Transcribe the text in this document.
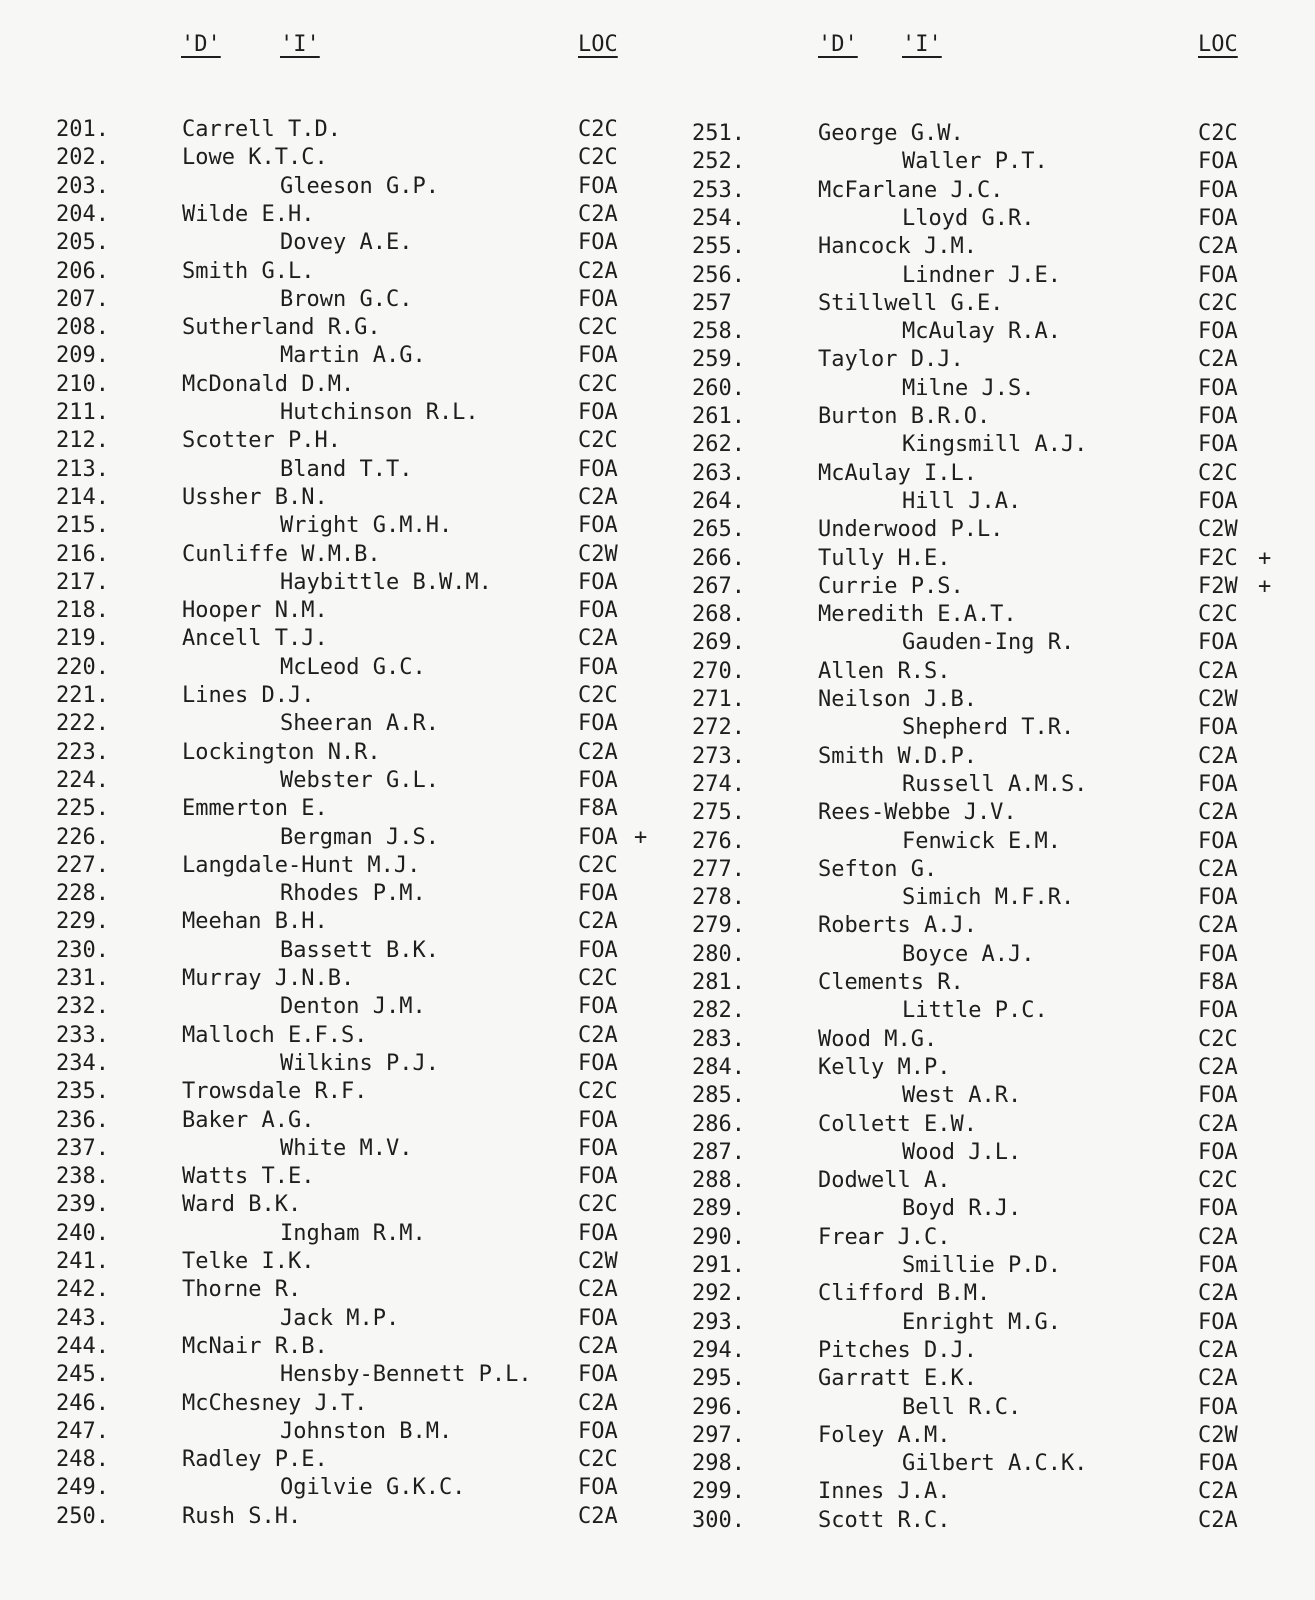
'D'	'I'	LOC	'D' 'I'	LOC
201.	Carrell T.D.	C2C
202.	Lowe K.T.C.	C2C
203.	Gleeson G.P.	FOA
204.	Wilde E.H.	C2A
205.	Dovey A.E.	FOA
206.	Smith G.L.	C2A
207.	Brown G.C.	FOA
208.	Sutherland R.G.	C2C
209.	Martin A.G.	FOA
210.	McDonald D.M.	C2C
211.	Hutchinson R.L.	FOA
212.	Scotter P.H.	C2C
213.	Bland T.T.	FOA
214.	Ussher B.N.	C2A
215.	Wright G.M.H.	FOA
216.	Cunliffe W.M.B.	C2W
217.	Haybittle B.W.M.	FOA
218.	Hooper N.M.	FOA
219.	Ancell T.J.	C2A
220.	McLeod G.C.	FOA
221.	Lines D.J.	C2C
222.	Sheeran A.R.	FOA
223.	Lockington N.R.	C2A
224.	Webster G.L.	FOA
225.	Emmerton E.	F8A
226.	Bergman J.S.	FOA +
227.	Langdale-Hunt M.J.	C2C
228.	Rhodes P.M.	FOA
229.	Meehan B.H.	C2A
230.	Bassett B.K.	FOA
231.	Murray J.N.B.	C2C
232.	Denton J.M.	FOA
233.	Malloch E.F.S.	C2A
234.	Wilkins P.J.	FOA
235.	Trowsdale R.F.	C2C
236.	Baker A.G.	FOA
237.	White M.V.	FOA
238.	Watts T.E.	FOA
239.	Ward B.K.	C2C
240.	Ingham R.M.	FOA
241.	Telke I.K.	C2W
242.	Thorne R.	C2A
243.	Jack M.P.	FOA
244.	McNair R.B.	C2A
245.	Hensby-Bennett P.L. FOA
246.	McChesney J.T.	C2A
247.	Johnston B.M.	FOA
248.	Radley P.E.	C2C
249.	Ogilvie G.K.C.	FOA
250.	Rush S.H.	C2A
251.	George G.W.	C2C
252.	Waller P.T.	FOA
253.	McFarlane J.C.	FOA
254.	Lloyd G.R.	FOA
255.	Hancock J.M.	C2A
256.	Lindner J.E.	FOA
257	Stillwell G.E.	C2C
258.	McAulay R.A.	FOA
259.	Taylor D.J.	C2A
260.	Milne J.S.	FOA
261.	Burton B.R.O.	FOA
262.	Kingsmill A.J.	FOA
263.	McAulay I.L.	C2C
264.	Hill J.A.	FOA
265.	Underwood P.L.	C2W
266.	Tully H.E.	F2C +
267.	Currie P.S.	F2W +
268.	Meredith E.A.T.	C2C
269.	Gauden-Ing R.	FOA
270.	Allen R.S.	C2A
271.	Neilson J.B.	C2W
272.	Shepherd T.R.	FOA
273.	Smith W.D.P.	C2A
274.	Russell A.M.S.	FOA
275.	Rees-Webbe J.V.	C2A
276.	Fenwick E.M.	FOA
277.	Sefton G.	C2A
278.	Simich M.F.R.	FOA
279.	Roberts A.J.	C2A
280.	Boyce A.J.	FOA
281.	Clements R.	F8A
282.	Little P.C.	FOA
283.	Wood M.G.	C2C
284.	Kelly M.P.	C2A
285.	West A.R.	FOA
286.	Collett E.W.	C2A
287.	Wood J.L.	FOA
288.	Dodwell A.	C2C
289.	Boyd R.J.	FOA
290.	Frear J.C.	C2A
291.	Smillie P.D.	FOA
292.	Clifford B.M.	C2A
293.	Enright M.G.	FOA
294.	Pitches D.J.	C2A
295.	Garratt E.K.	C2A
296.	Bell R.C.	FOA
297.	Foley A.M.	C2W
298.	Gilbert A.C.K.	FOA
299.	Innes J.A.	C2A
300.	Scott R.C.	C2A
